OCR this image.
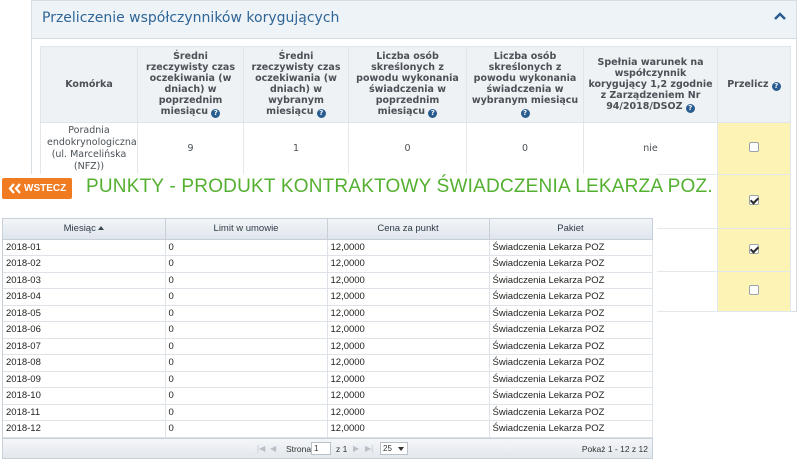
Przeliczenie współczynników korygujących
Komórka	Średni rzeczywisty czas oczekiwania (w dniach) w poprzednim miesiącu ?	Średni rzeczywisty czas oczekiwania (w dniach) w wybranym miesiącu ?	Liczba osób skreślonych z powodu wykonania świadczenia w poprzednim miesiącu ?	Liczba osób skreślonych z powodu wykonania świadczenia w wybranym miesiącu ?	Spełnia warunek na współczynnik korygujący 1,2 zgodnie z Zarządzeniem Nr 94/2018/DSOZ ?	Przelicz ?
Poradnia endokrynologiczna (ul. Marcelińska (NFZ))	9	1	0	0	nie	

WSTECZ	PUNKTY - PRODUKT KONTRAKTOWY ŚWIADCZENIA LEKARZA POZ.
Miesiąc	Limit w umowie	Cena za punkt	Pakiet
2018-01	0	12,0000	Świadczenia Lekarza POZ
2018-02	0	12,0000	Świadczenia Lekarza POZ
2018-03	0	12,0000	Świadczenia Lekarza POZ
2018-04	0	12,0000	Świadczenia Lekarza POZ
2018-05	0	12,0000	Świadczenia Lekarza POZ
2018-06	0	12,0000	Świadczenia Lekarza POZ
2018-07	0	12,0000	Świadczenia Lekarza POZ
2018-08	0	12,0000	Świadczenia Lekarza POZ
2018-09	0	12,0000	Świadczenia Lekarza POZ
2018-10	0	12,0000	Świadczenia Lekarza POZ
2018-11	0	12,0000	Świadczenia Lekarza POZ
2018-12	0	12,0000	Świadczenia Lekarza POZ
|◀ ◀ Strona 1	z 1 ▶ ▶|	25	Pokaż 1 - 12 z 12
